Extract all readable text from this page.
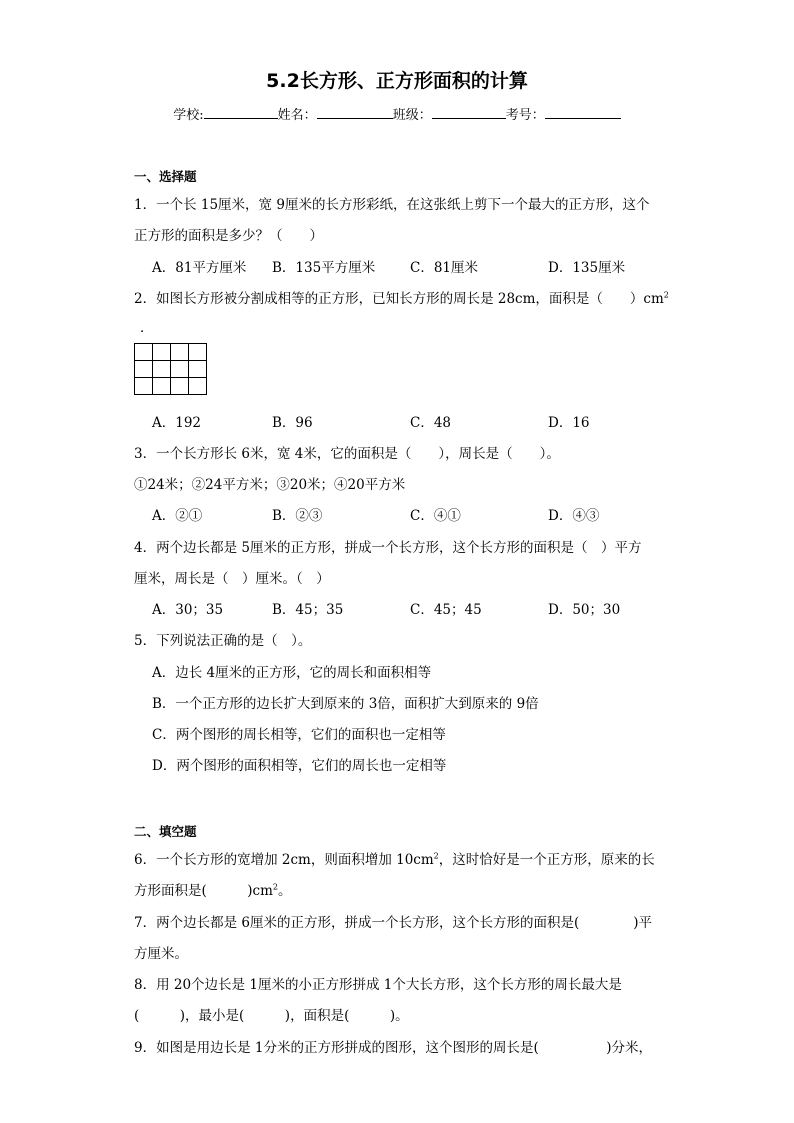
5.2长方形、正方形面积的计算
学校:	姓名：	班级：	考号：
一、选择题
1．一个长 15厘米，宽 9厘米的长方形彩纸，在这张纸上剪下一个最大的正方形，这个
正方形的面积是多少？（　　）
A．81平方厘米 B．135平方厘米	C．81厘米	D．135厘米
2．如图长方形被分割成相等的正方形，已知长方形的周长是 28cm，面积是（　　）$cm^2$
．

A．192	B．96	C．48	D．16
3．一个长方形长 6米，宽 4米，它的面积是（　　），周长是（　　）。
①24米；②24平方米；③20米；④20平方米
A．②①	B．②③	C．④①	D．④③
4．两个边长都是 5厘米的正方形，拼成一个长方形，这个长方形的面积是（　）平方
厘米，周长是（　）厘米。（　）
A．30；35	B．45；35	C．45；45	D．50；30
5．下列说法正确的是（　）。
A．边长 4厘米的正方形，它的周长和面积相等
B．一个正方形的边长扩大到原来的 3倍，面积扩大到原来的 9倍
C．两个图形的周长相等，它们的面积也一定相等
D．两个图形的面积相等，它们的周长也一定相等
二、填空题
6．一个长方形的宽增加 2cm，则面积增加 $10cm^2$，这时恰好是一个正方形，原来的长
方形面积是(　　　)$cm^2$。
7．两个边长都是 6厘米的正方形，拼成一个长方形，这个长方形的面积是(　　　　)平
方厘米。
8．用 20个边长是 1厘米的小正方形拼成 1个大长方形，这个长方形的周长最大是
(　　　)，最小是(　　　)，面积是(　　　)。
9．如图是用边长是 1分米的正方形拼成的图形，这个图形的周长是(　　　　　)分米，
